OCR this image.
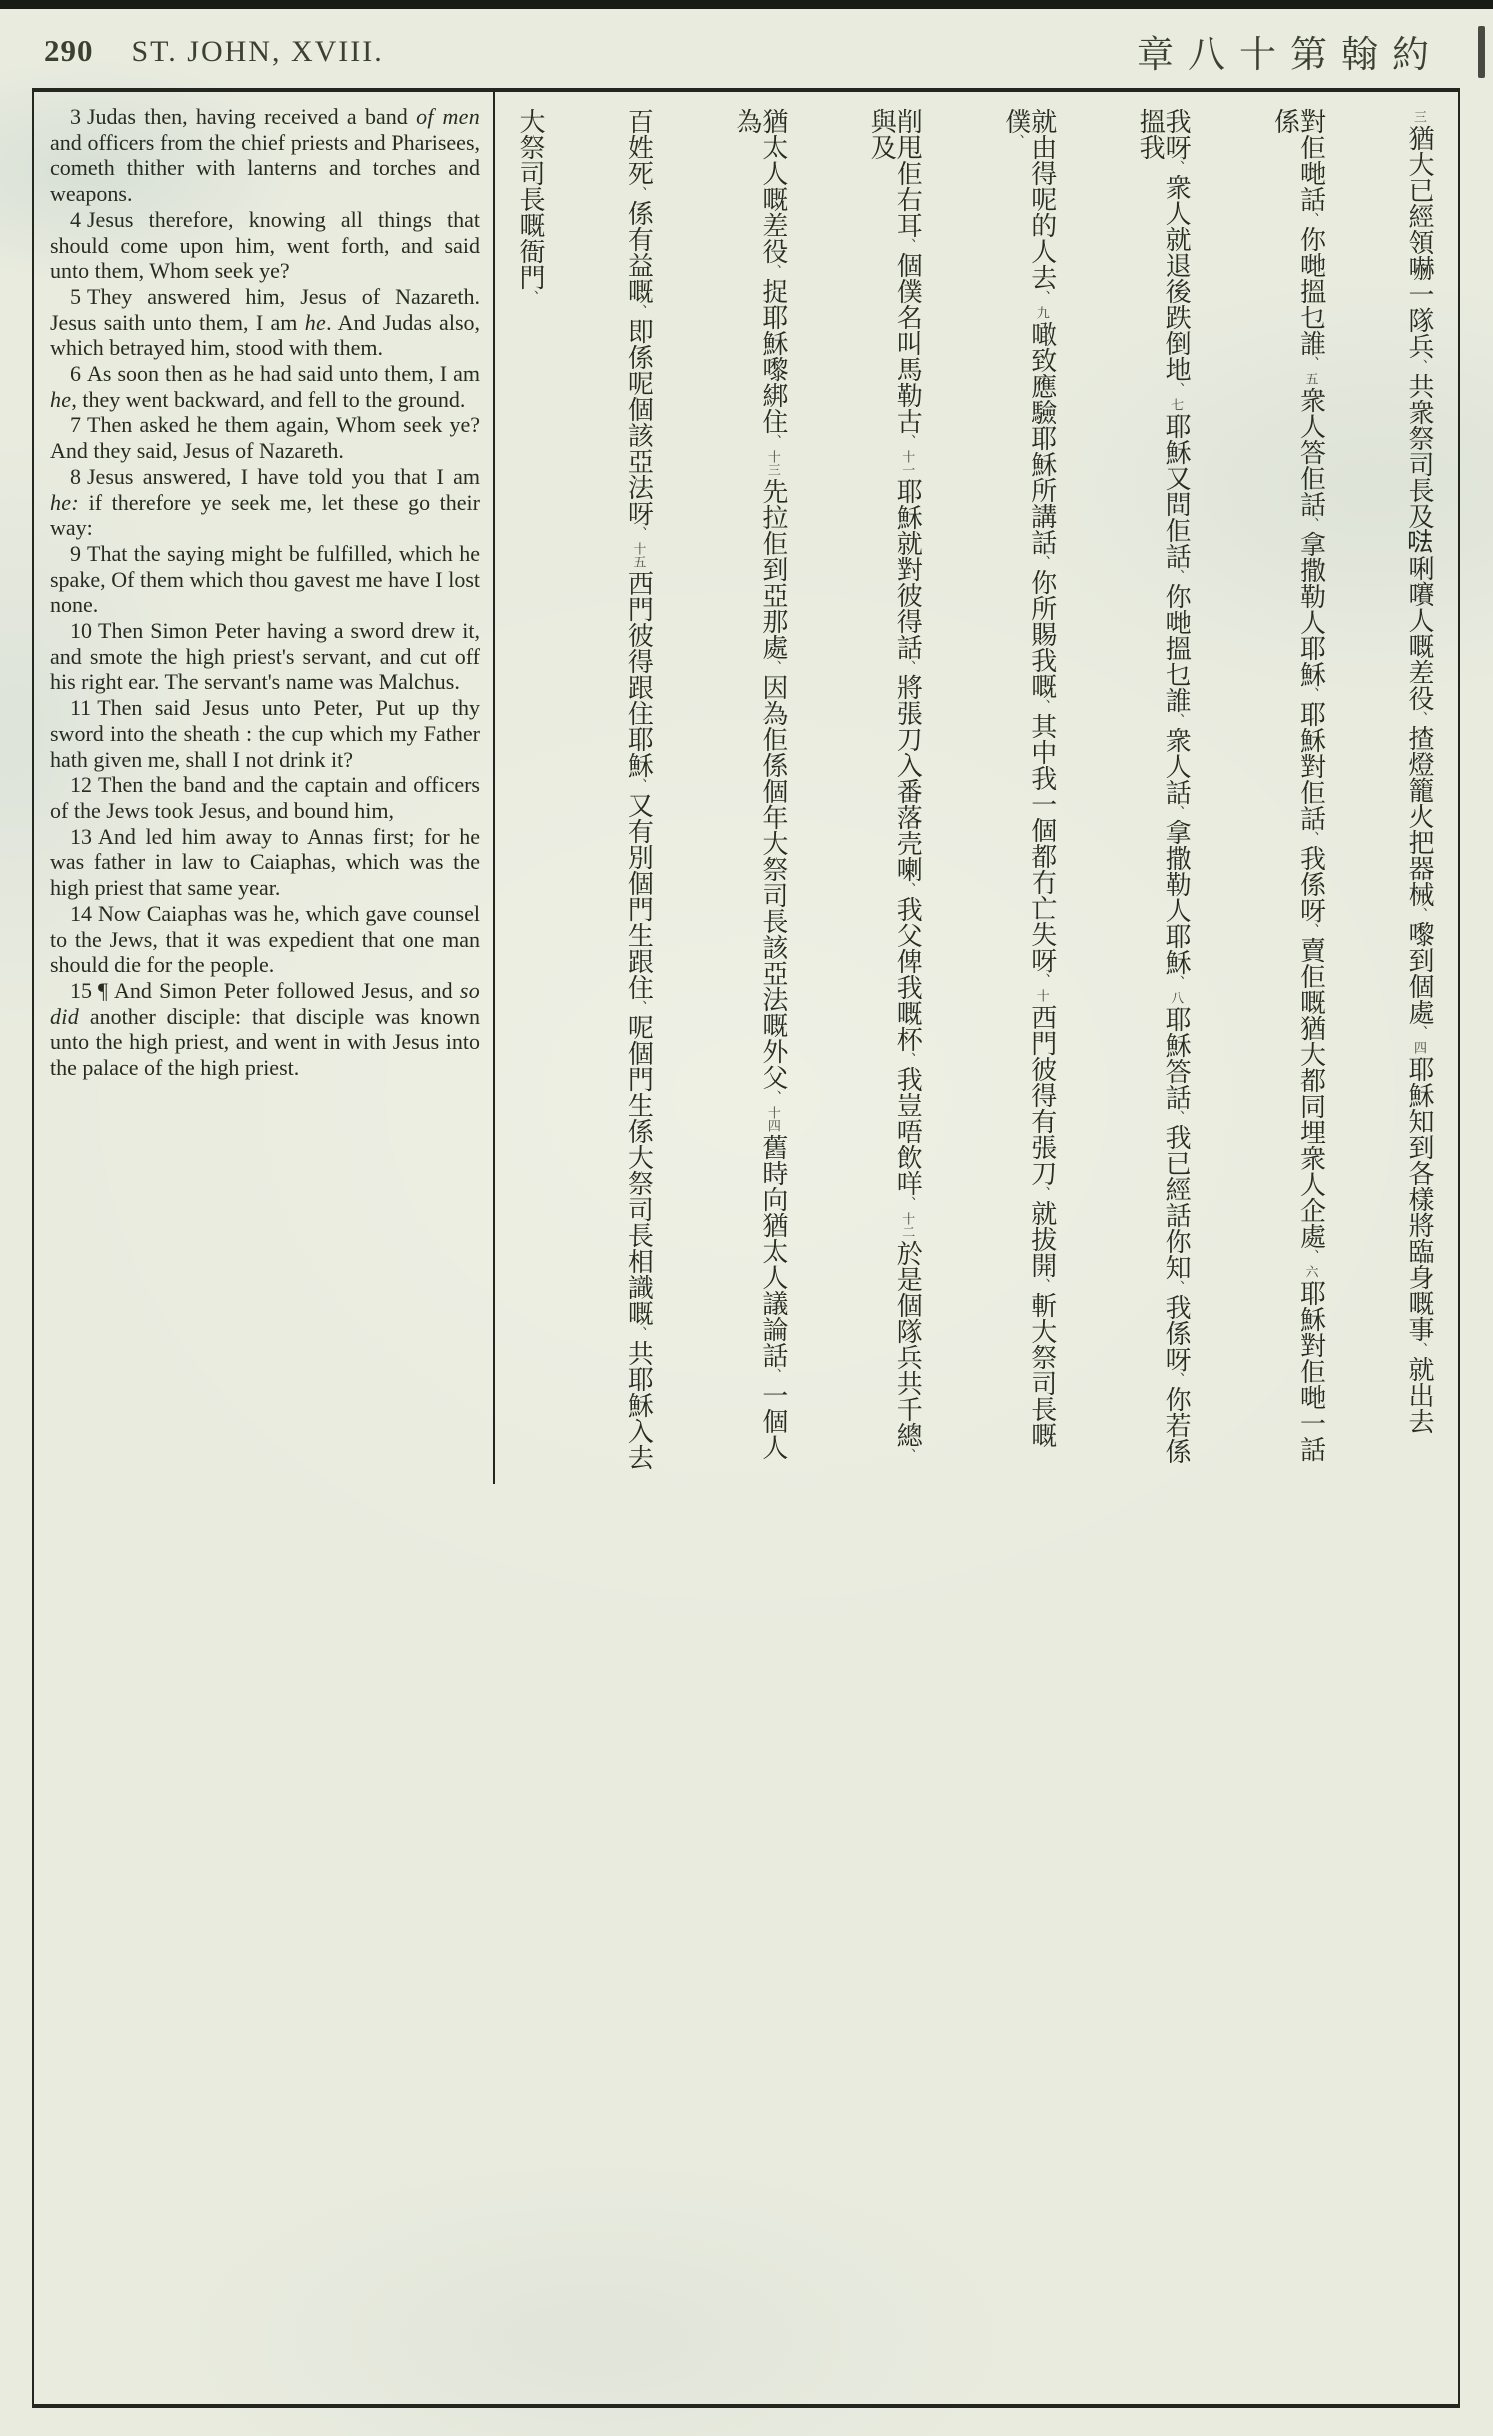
290 ST. JOHN, XVIII.	章八十第翰約

3 Judas then, having received a band of men and officers from the chief priests and Pharisees, cometh thither with lanterns and torches and weapons.

4 Jesus therefore, knowing all things that should come upon him, went forth, and said unto them, Whom seek ye?

5 They answered him, Jesus of Nazareth. Jesus saith unto them, I am he. And Judas also, which betrayed him, stood with them.

6 As soon then as he had said unto them, I am he, they went backward, and fell to the ground.

7 Then asked he them again, Whom seek ye? And they said, Jesus of Nazareth.

8 Jesus answered, I have told you that I am he: if therefore ye seek me, let these go their way:

9 That the saying might be fulfilled, which he spake, Of them which thou gavest me have I lost none.

10 Then Simon Peter having a sword drew it, and smote the high priest's servant, and cut off his right ear. The servant's name was Malchus.

11 Then said Jesus unto Peter, Put up thy sword into the sheath : the cup which my Father hath given me, shall I not drink it?

12 Then the band and the captain and officers of the Jews took Jesus, and bound him,

13 And led him away to Annas first; for he was father in law to Caiaphas, which was the high priest that same year.

14 Now Caiaphas was he, which gave counsel to the Jews, that it was expedient that one man should die for the people.

15 ¶ And Simon Peter followed Jesus, and so did another disciple: that disciple was known unto the high priest, and went in with Jesus into the palace of the high priest.

三猶大已經領嚇一隊兵、共衆祭司長及𠵽唎㘔人嘅差役、揸燈籠火把器械、嚟到個處、四耶穌知到各樣將臨身嘅事、就出去
對佢哋話、你哋搵乜誰、五衆人答佢話、拿撒勒人耶穌、耶穌對佢話、我係呀、賣佢嘅猶大都同埋衆人企處、六耶穌對佢哋一話係
我呀、衆人就退後跌倒地、七耶穌又問佢話、你哋搵乜誰、衆人話、拿撒勒人耶穌、八耶穌答話、我已經話你知、我係呀、你若係搵我
就由得呢的人去、九噉致應驗耶穌所講話、你所賜我嘅、其中我一個都冇亡失呀、十西門彼得有張刀、就拔開、斬大祭司長嘅僕、
削甩佢右耳、個僕名叫馬勒古、十一耶穌就對彼得話、將張刀入番落壳喇、我父俾我嘅杯、我豈唔飲咩、十二於是個隊兵共千總、與及
猶太人嘅差役、捉耶穌嚟綁住、十三先拉佢到亞那處、因為佢係個年大祭司長該亞法嘅外父、十四舊時向猶太人議論話、一個人為
百姓死、係有益嘅、即係呢個該亞法呀、十五西門彼得跟住耶穌、又有別個門生跟住、呢個門生係大祭司長相識嘅、共耶穌入去
大祭司長嘅衙門、
